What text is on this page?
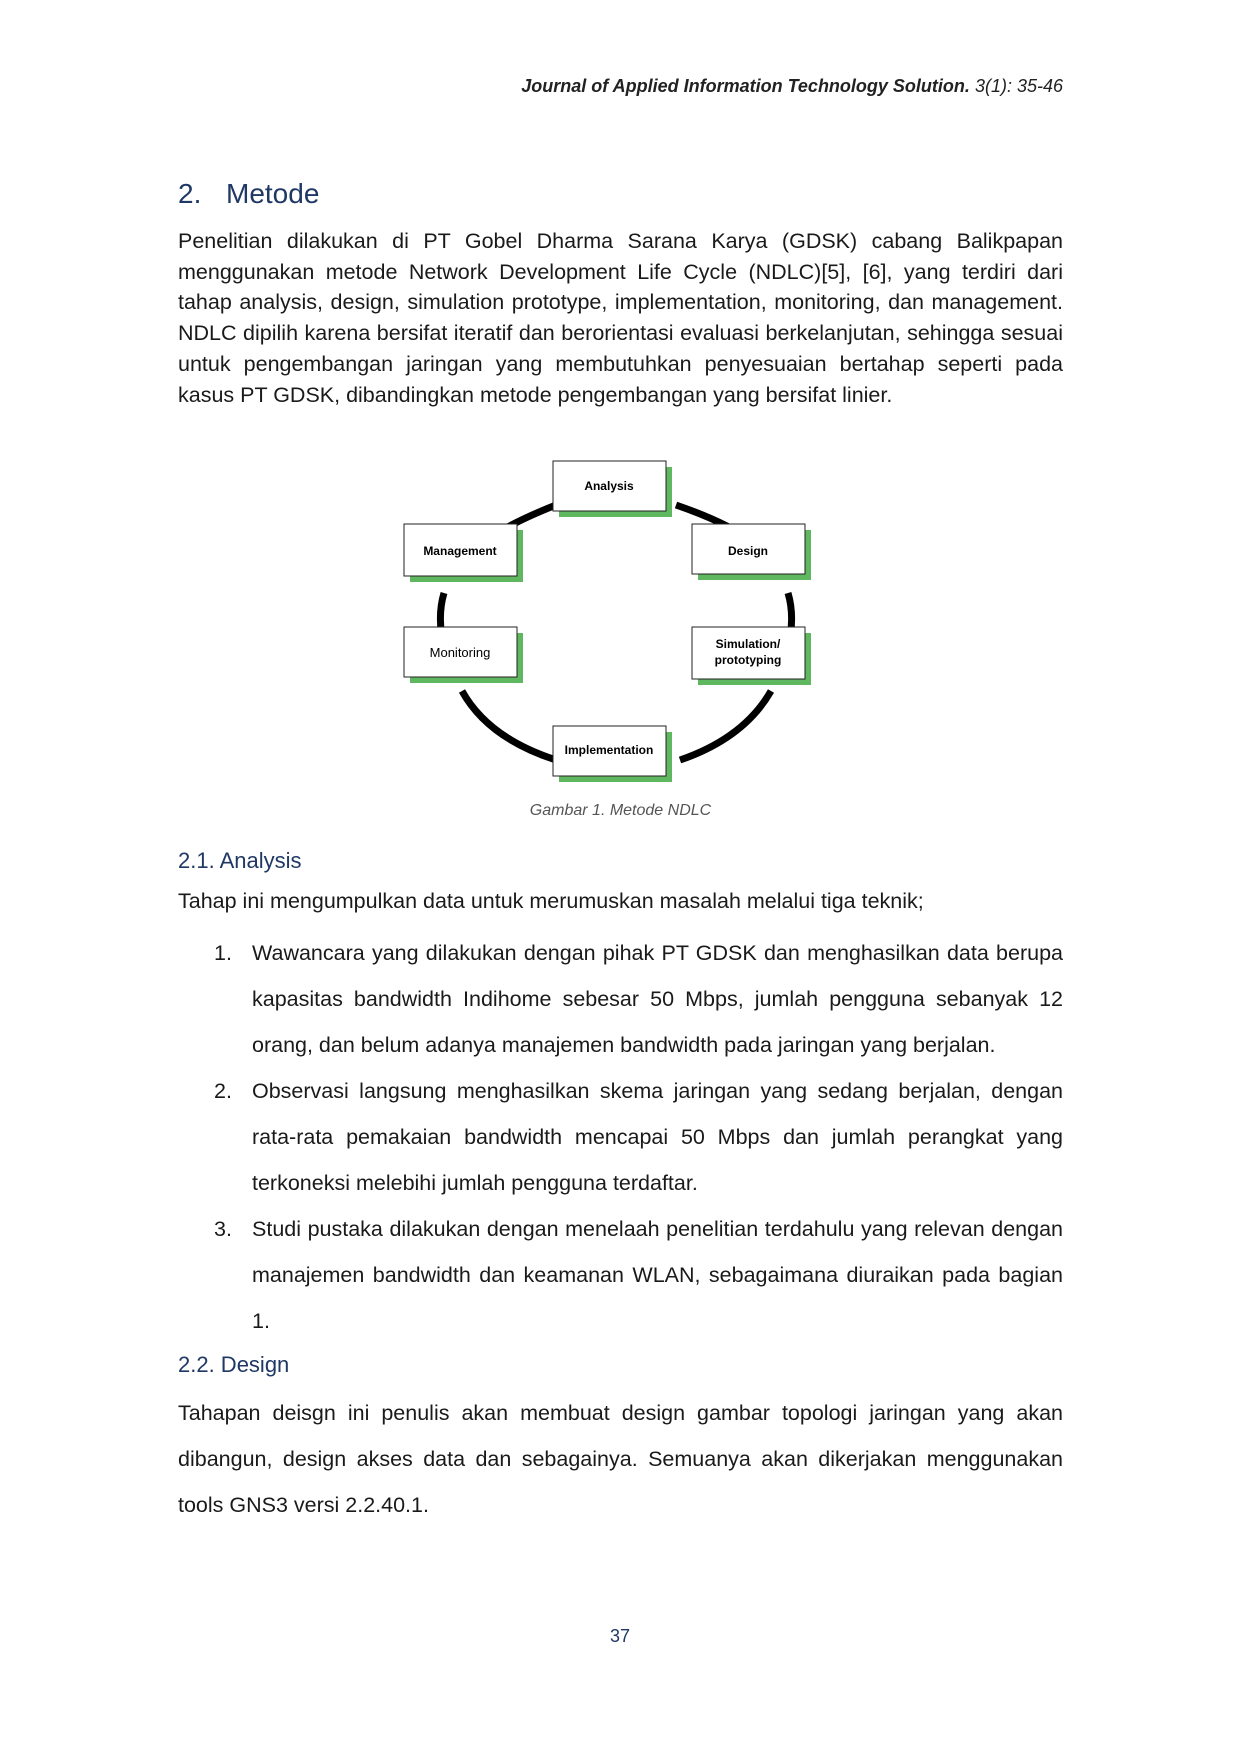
Journal of Applied Information Technology Solution. 3(1): 35-46
2. Metode

Penelitian dilakukan di PT Gobel Dharma Sarana Karya (GDSK) cabang Balikpapan menggunakan metode Network Development Life Cycle (NDLC)[5], [6], yang terdiri dari tahap analysis, design, simulation prototype, implementation, monitoring, dan management. NDLC dipilih karena bersifat iteratif dan berorientasi evaluasi berkelanjutan, sehingga sesuai untuk pengembangan jaringan yang membutuhkan penyesuaian bertahap seperti pada kasus PT GDSK, dibandingkan metode pengembangan yang bersifat linier.

Gambar 1. Metode NDLC
2.1. Analysis

Tahap ini mengumpulkan data untuk merumuskan masalah melalui tiga teknik;

1. Wawancara yang dilakukan dengan pihak PT GDSK dan menghasilkan data berupa kapasitas bandwidth Indihome sebesar 50 Mbps, jumlah pengguna sebanyak 12 orang, dan belum adanya manajemen bandwidth pada jaringan yang berjalan.
2. Observasi langsung menghasilkan skema jaringan yang sedang berjalan, dengan rata-rata pemakaian bandwidth mencapai 50 Mbps dan jumlah perangkat yang terkoneksi melebihi jumlah pengguna terdaftar.
3. Studi pustaka dilakukan dengan menelaah penelitian terdahulu yang relevan dengan manajemen bandwidth dan keamanan WLAN, sebagaimana diuraikan pada bagian 1.
2.2. Design

Tahapan deisgn ini penulis akan membuat design gambar topologi jaringan yang akan dibangun, design akses data dan sebagainya. Semuanya akan dikerjakan menggunakan tools GNS3 versi 2.2.40.1.

Analysis
Design
Simulation/
prototyping
Implementation
Monitoring
Management
37
